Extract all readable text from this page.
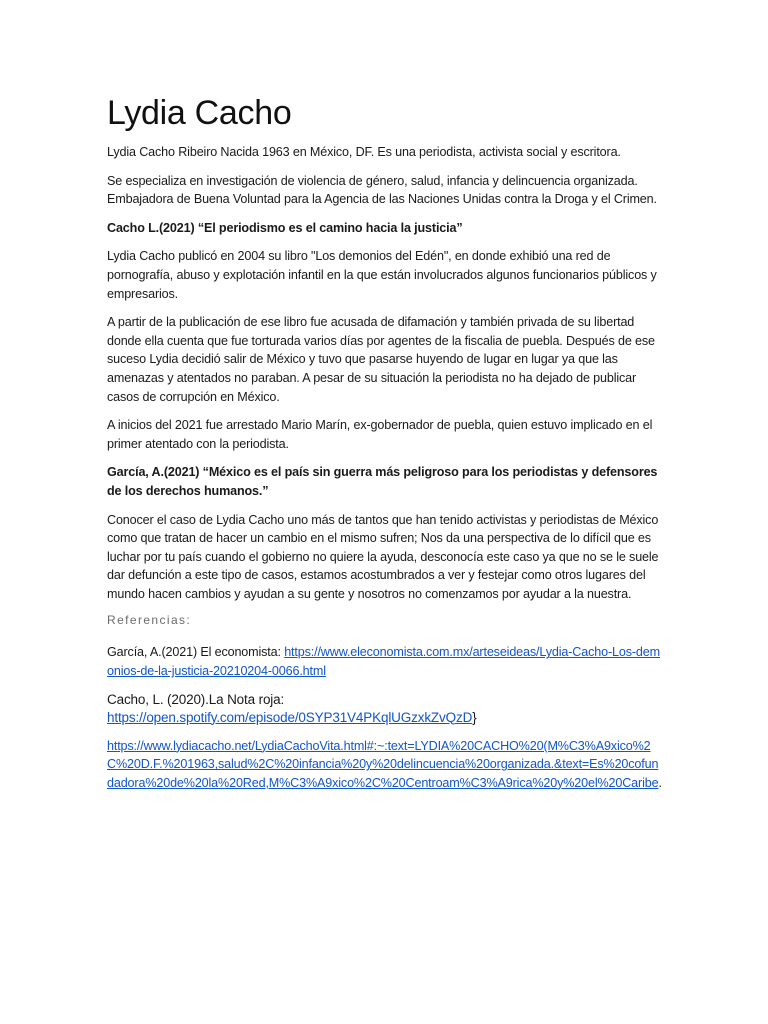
Lydia Cacho

Lydia Cacho Ribeiro Nacida 1963 en México, DF. Es una periodista, activista social y escritora.

Se especializa en investigación de violencia de género, salud, infancia y delincuencia organizada. Embajadora de Buena Voluntad para la Agencia de las Naciones Unidas contra la Droga y el Crimen.

Cacho L.(2021) “El periodismo es el camino hacia la justicia”

Lydia Cacho publicó en 2004 su libro "Los demonios del Edén", en donde exhibió una red de pornografía, abuso y explotación infantil en la que están involucrados algunos funcionarios públicos y empresarios.

A partir de la publicación de ese libro fue acusada de difamación y también privada de su libertad donde ella cuenta que fue torturada varios días por agentes de la fiscalia de puebla. Después de ese suceso Lydia decidió salir de México y tuvo que pasarse huyendo de lugar en lugar ya que las amenazas y atentados no paraban. A pesar de su situación la periodista no ha dejado de publicar casos de corrupción en México.

A inicios del 2021 fue arrestado Mario Marín, ex-gobernador de puebla, quien estuvo implicado en el primer atentado con la periodista.

García, A.(2021) “México es el país sin guerra más peligroso para los periodistas y defensores de los derechos humanos.”

Conocer el caso de Lydia Cacho uno más de tantos que han tenido activistas y periodistas de México como que tratan de hacer un cambio en el mismo sufren; Nos da una perspectiva de lo difícil que es luchar por tu país cuando el gobierno no quiere la ayuda, desconocía este caso ya que no se le suele dar defunción a este tipo de casos, estamos acostumbrados a ver y festejar como otros lugares del mundo hacen cambios y ayudan a su gente y nosotros no comenzamos por ayudar a la nuestra.

Referencias:

García, A.(2021) El economista: https://www.eleconomista.com.mx/arteseideas/Lydia-Cacho-Los-demonios-de-la-justicia-20210204-0066.html

Cacho, L. (2020).La Nota roja:
https://open.spotify.com/episode/0SYP31V4PKqlUGzxkZvQzD}

https://www.lydiacacho.net/LydiaCachoVita.html#:~:text=LYDIA%20CACHO%20(M%C3%A9xico%2C%20D.F.%201963,salud%2C%20infancia%20y%20delincuencia%20organizada.&text=Es%20cofundadora%20de%20la%20Red,M%C3%A9xico%2C%20Centroam%C3%A9rica%20y%20el%20Caribe.
